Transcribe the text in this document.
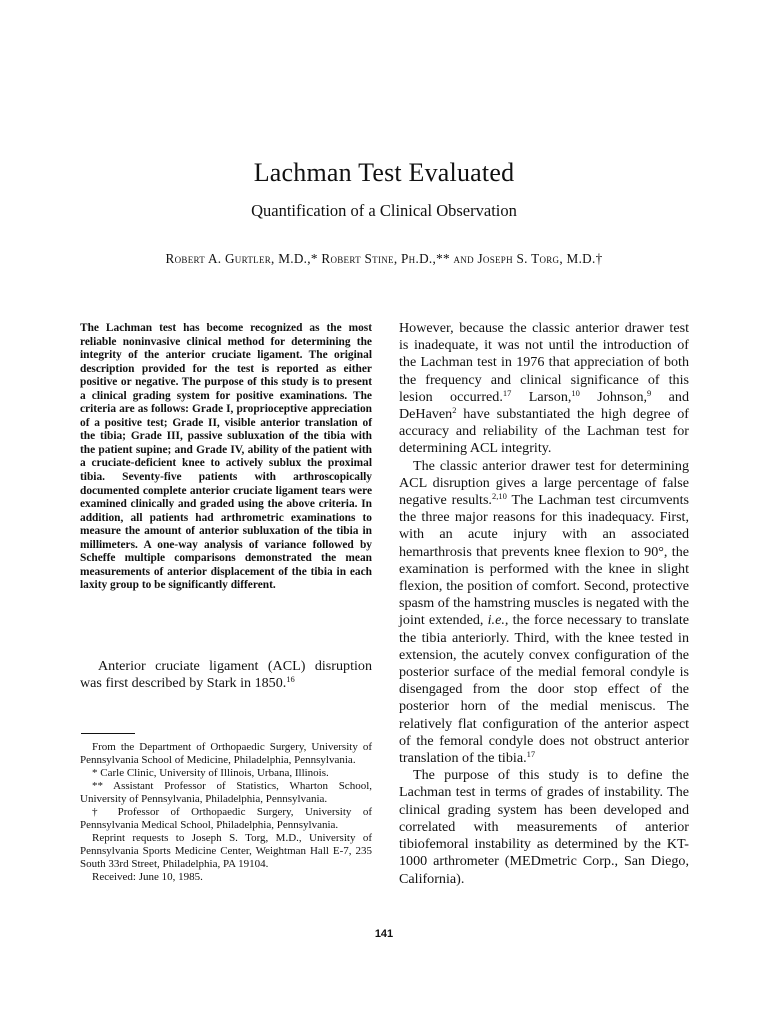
Lachman Test Evaluated
Quantification of a Clinical Observation
Robert A. Gurtler, M.D.,* Robert Stine, Ph.D.,** and Joseph S. Torg, M.D.†

The Lachman test has become recognized as the most reliable noninvasive clinical method for determining the integrity of the anterior cruciate ligament. The original description provided for the test is reported as either positive or negative. The purpose of this study is to present a clinical grading system for positive examinations. The criteria are as follows: Grade I, proprioceptive appreciation of a positive test; Grade II, visible anterior translation of the tibia; Grade III, passive subluxation of the tibia with the patient supine; and Grade IV, ability of the patient with a cruciate-deficient knee to actively sublux the proximal tibia. Seventy-five patients with arthroscopically documented complete anterior cruciate ligament tears were examined clinically and graded using the above criteria. In addition, all patients had arthrometric examinations to measure the amount of anterior subluxation of the tibia in millimeters. A one-way analysis of variance followed by Scheffe multiple comparisons demonstrated the mean measurements of anterior displacement of the tibia in each laxity group to be significantly different.

Anterior cruciate ligament (ACL) disruption was first described by Stark in 1850.16

From the Department of Orthopaedic Surgery, University of Pennsylvania School of Medicine, Philadelphia, Pennsylvania.

* Carle Clinic, University of Illinois, Urbana, Illinois.

** Assistant Professor of Statistics, Wharton School, University of Pennsylvania, Philadelphia, Pennsylvania.

† Professor of Orthopaedic Surgery, University of Pennsylvania Medical School, Philadelphia, Pennsylvania.

Reprint requests to Joseph S. Torg, M.D., University of Pennsylvania Sports Medicine Center, Weightman Hall E-7, 235 South 33rd Street, Philadelphia, PA 19104.

Received: June 10, 1985.

However, because the classic anterior drawer test is inadequate, it was not until the introduction of the Lachman test in 1976 that appreciation of both the frequency and clinical significance of this lesion occurred.$^{17}$ Larson,$^{10}$ Johnson,$^9$ and DeHaven$^2$ have substantiated the high degree of accuracy and reliability of the Lachman test for determining ACL integrity.

The classic anterior drawer test for determining ACL disruption gives a large percentage of false negative results.$^{2,10}$ The Lachman test circumvents the three major reasons for this inadequacy. First, with an acute injury with an associated hemarthrosis that prevents knee flexion to 90°, the examination is performed with the knee in slight flexion, the position of comfort. Second, protective spasm of the hamstring muscles is negated with the joint extended, i.e., the force necessary to translate the tibia anteriorly. Third, with the knee tested in extension, the acutely convex configuration of the posterior surface of the medial femoral condyle is disengaged from the door stop effect of the posterior horn of the medial meniscus. The relatively flat configuration of the anterior aspect of the femoral condyle does not obstruct anterior translation of the tibia.$^{17}$

The purpose of this study is to define the Lachman test in terms of grades of instability. The clinical grading system has been developed and correlated with measurements of anterior tibiofemoral instability as determined by the KT-1000 arthrometer (MEDmetric Corp., San Diego, California).

141
